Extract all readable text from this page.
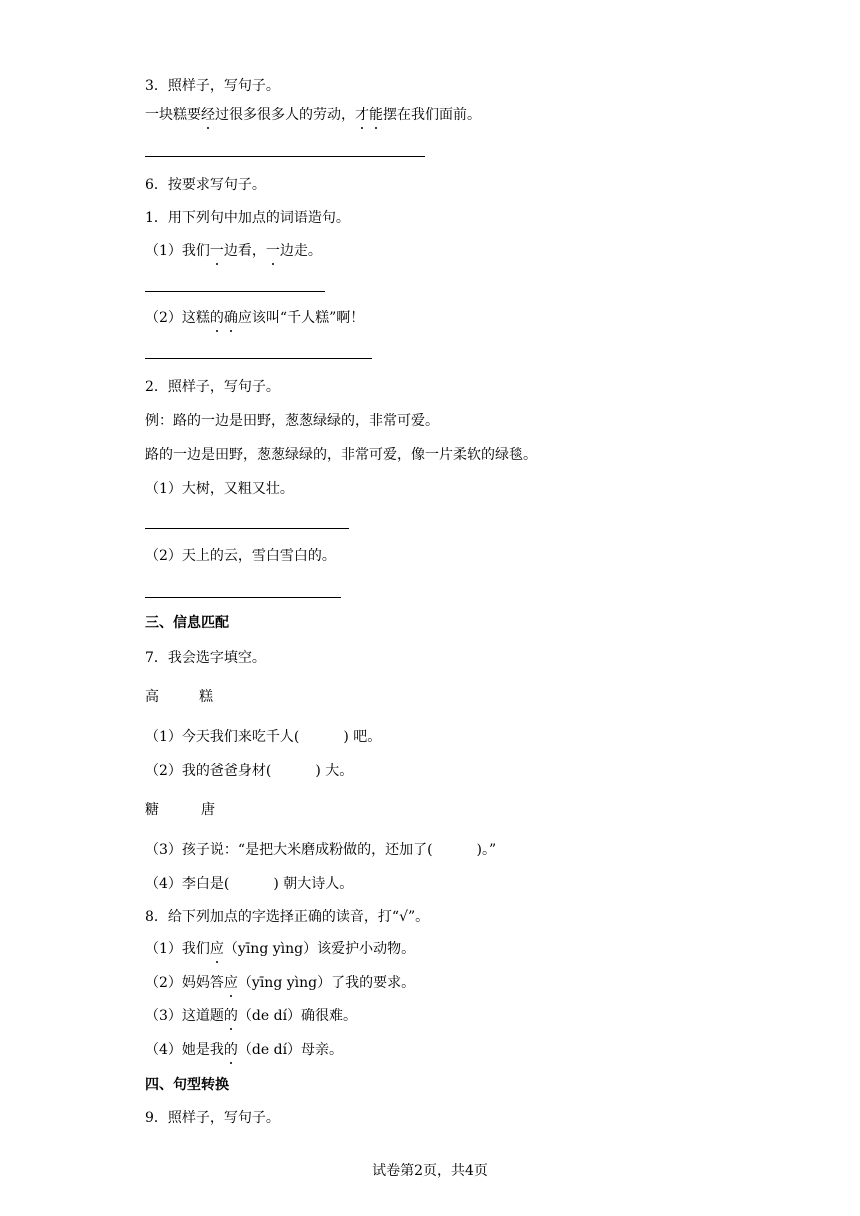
3．照样子，写句子。
一块糕要经过很多很多人的劳动，才能摆在我们面前。
6．按要求写句子。
1．用下列句中加点的词语造句。
（1）我们一边看，一边走。
（2）这糕的确应该叫“千人糕”啊！
2．照样子，写句子。
例：路的一边是田野，葱葱绿绿的，非常可爱。
路的一边是田野，葱葱绿绿的，非常可爱，像一片柔软的绿毯。
（1）大树，又粗又壮。
（2）天上的云，雪白雪白的。
三、信息匹配
7．我会选字填空。
高	糕
（1）今天我们来吃千人(	) 吧。
（2）我的爸爸身材(	) 大。
糖	唐
（3）孩子说：“是把大米磨成粉做的，还加了(	)。”
（4）李白是(	) 朝大诗人。
8．给下列加点的字选择正确的读音，打“√”。
（1）我们应（yīng yìng）该爱护小动物。
（2）妈妈答应（yīng yìng）了我的要求。
（3）这道题的（de dí）确很难。
（4）她是我的（de dí）母亲。
四、句型转换
9．照样子，写句子。
试卷第2页，共4页
